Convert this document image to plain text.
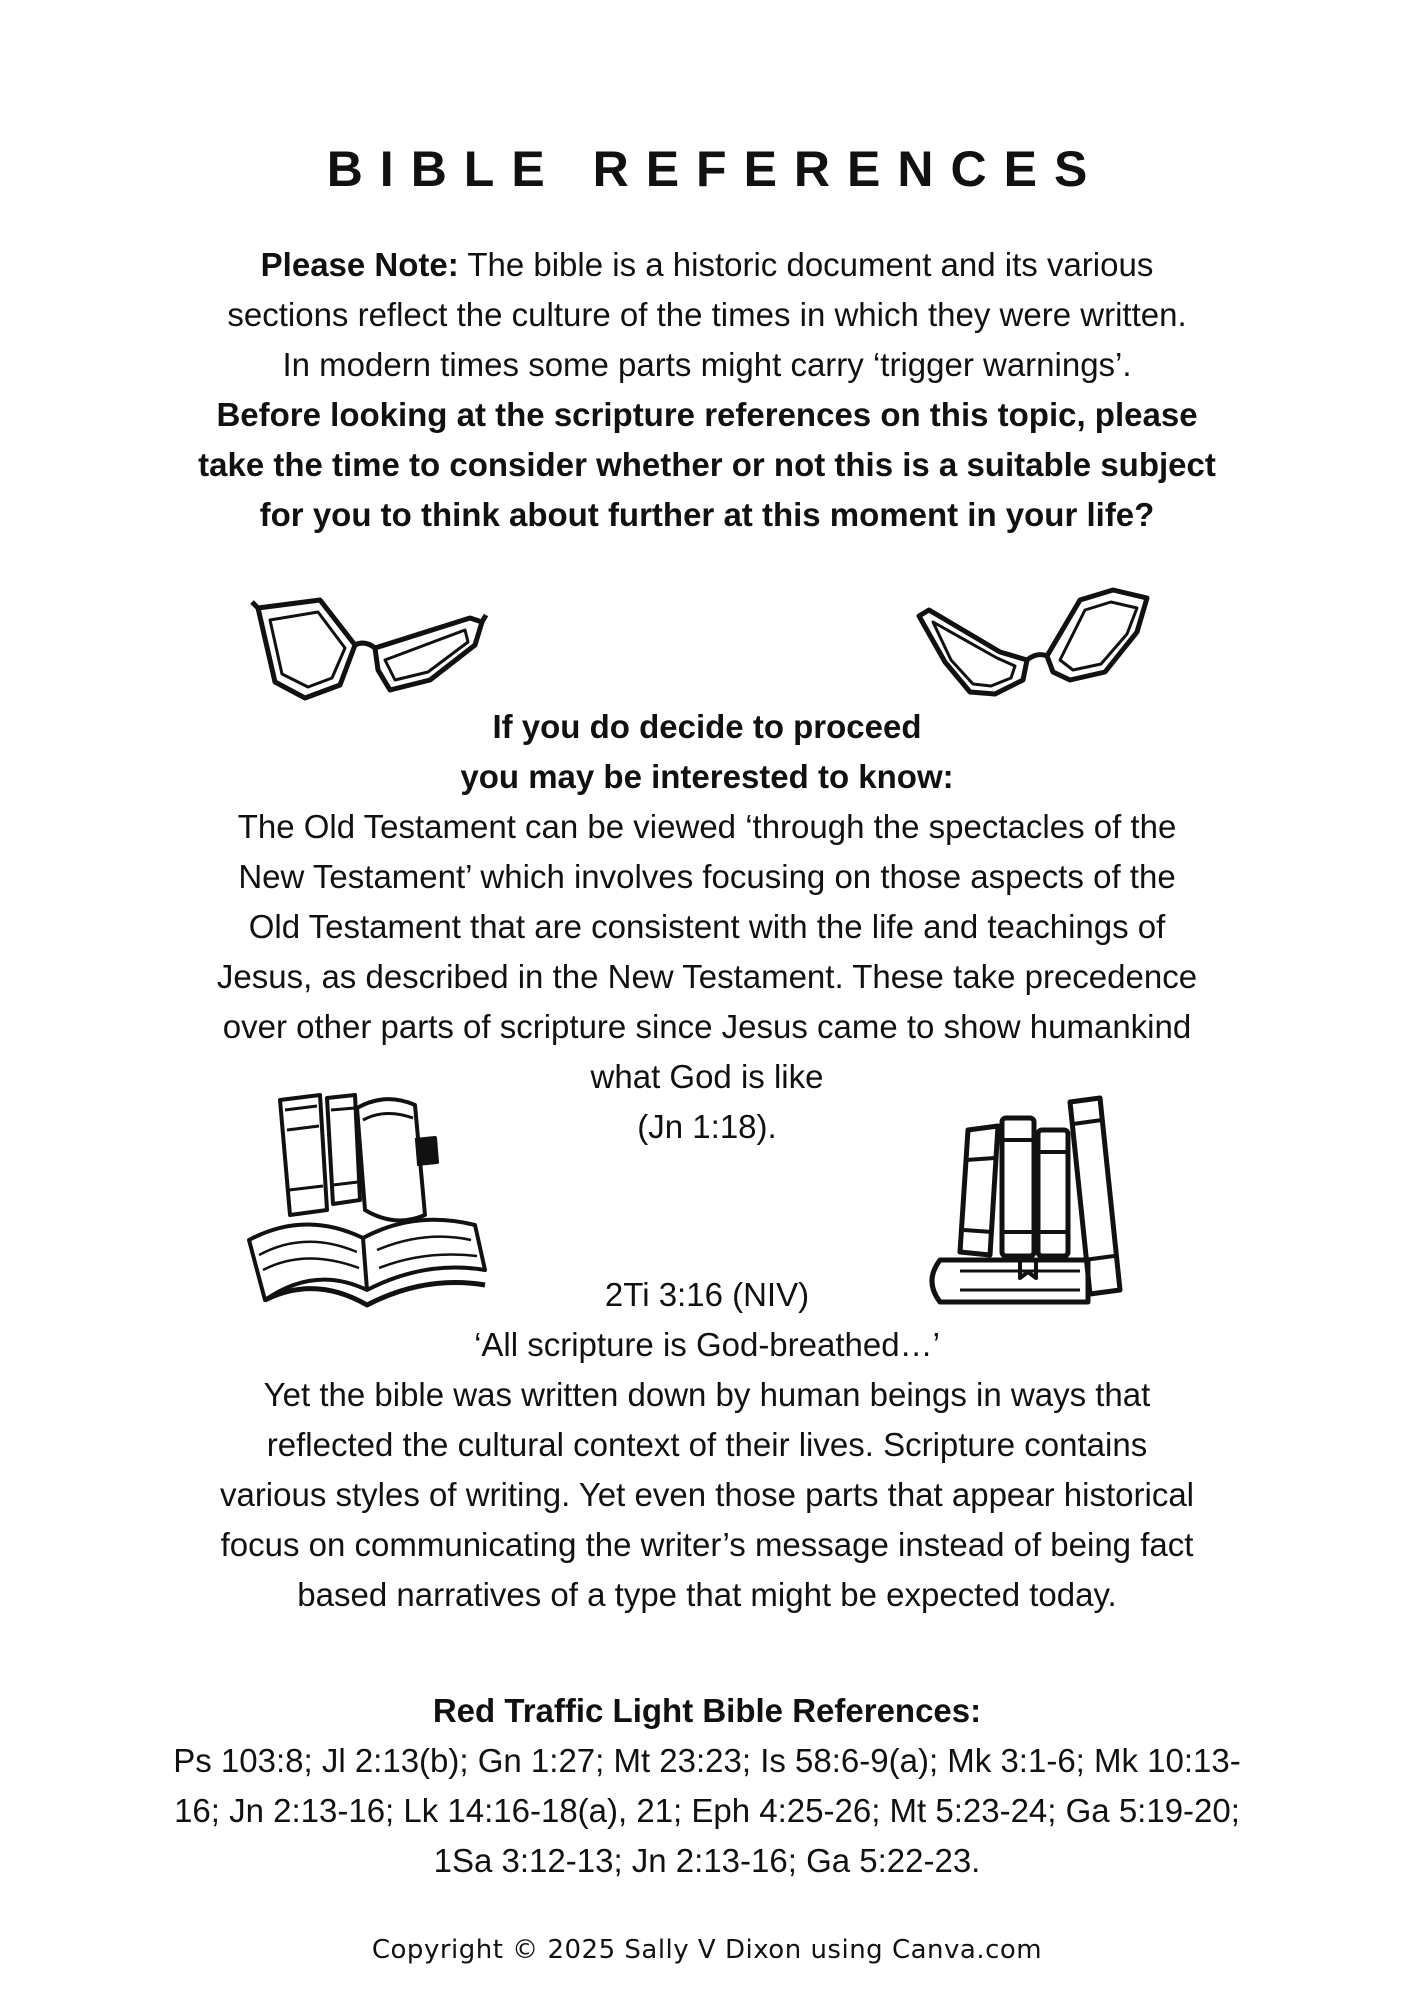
BIBLE REFERENCES
Please Note: The bible is a historic document and its various
sections reflect the culture of the times in which they were written.
In modern times some parts might carry ‘trigger warnings’.
Before looking at the scripture references on this topic, please
take the time to consider whether or not this is a suitable subject
for you to think about further at this moment in your life?
If you do decide to proceed
you may be interested to know:
The Old Testament can be viewed ‘through the spectacles of the
New Testament’ which involves focusing on those aspects of the
Old Testament that are consistent with the life and teachings of
Jesus, as described in the New Testament. These take precedence
over other parts of scripture since Jesus came to show humankind
what God is like
(Jn 1:18).
2Ti 3:16 (NIV)
‘All scripture is God-breathed…’
Yet the bible was written down by human beings in ways that
reflected the cultural context of their lives. Scripture contains
various styles of writing. Yet even those parts that appear historical
focus on communicating the writer’s message instead of being fact
based narratives of a type that might be expected today.
Red Traffic Light Bible References:
Ps 103:8; Jl 2:13(b); Gn 1:27; Mt 23:23; Is 58:6-9(a); Mk 3:1-6; Mk 10:13-
16; Jn 2:13-16; Lk 14:16-18(a), 21; Eph 4:25-26; Mt 5:23-24; Ga 5:19-20;
1Sa 3:12-13; Jn 2:13-16; Ga 5:22-23.
Copyright © 2025 Sally V Dixon using Canva.com
